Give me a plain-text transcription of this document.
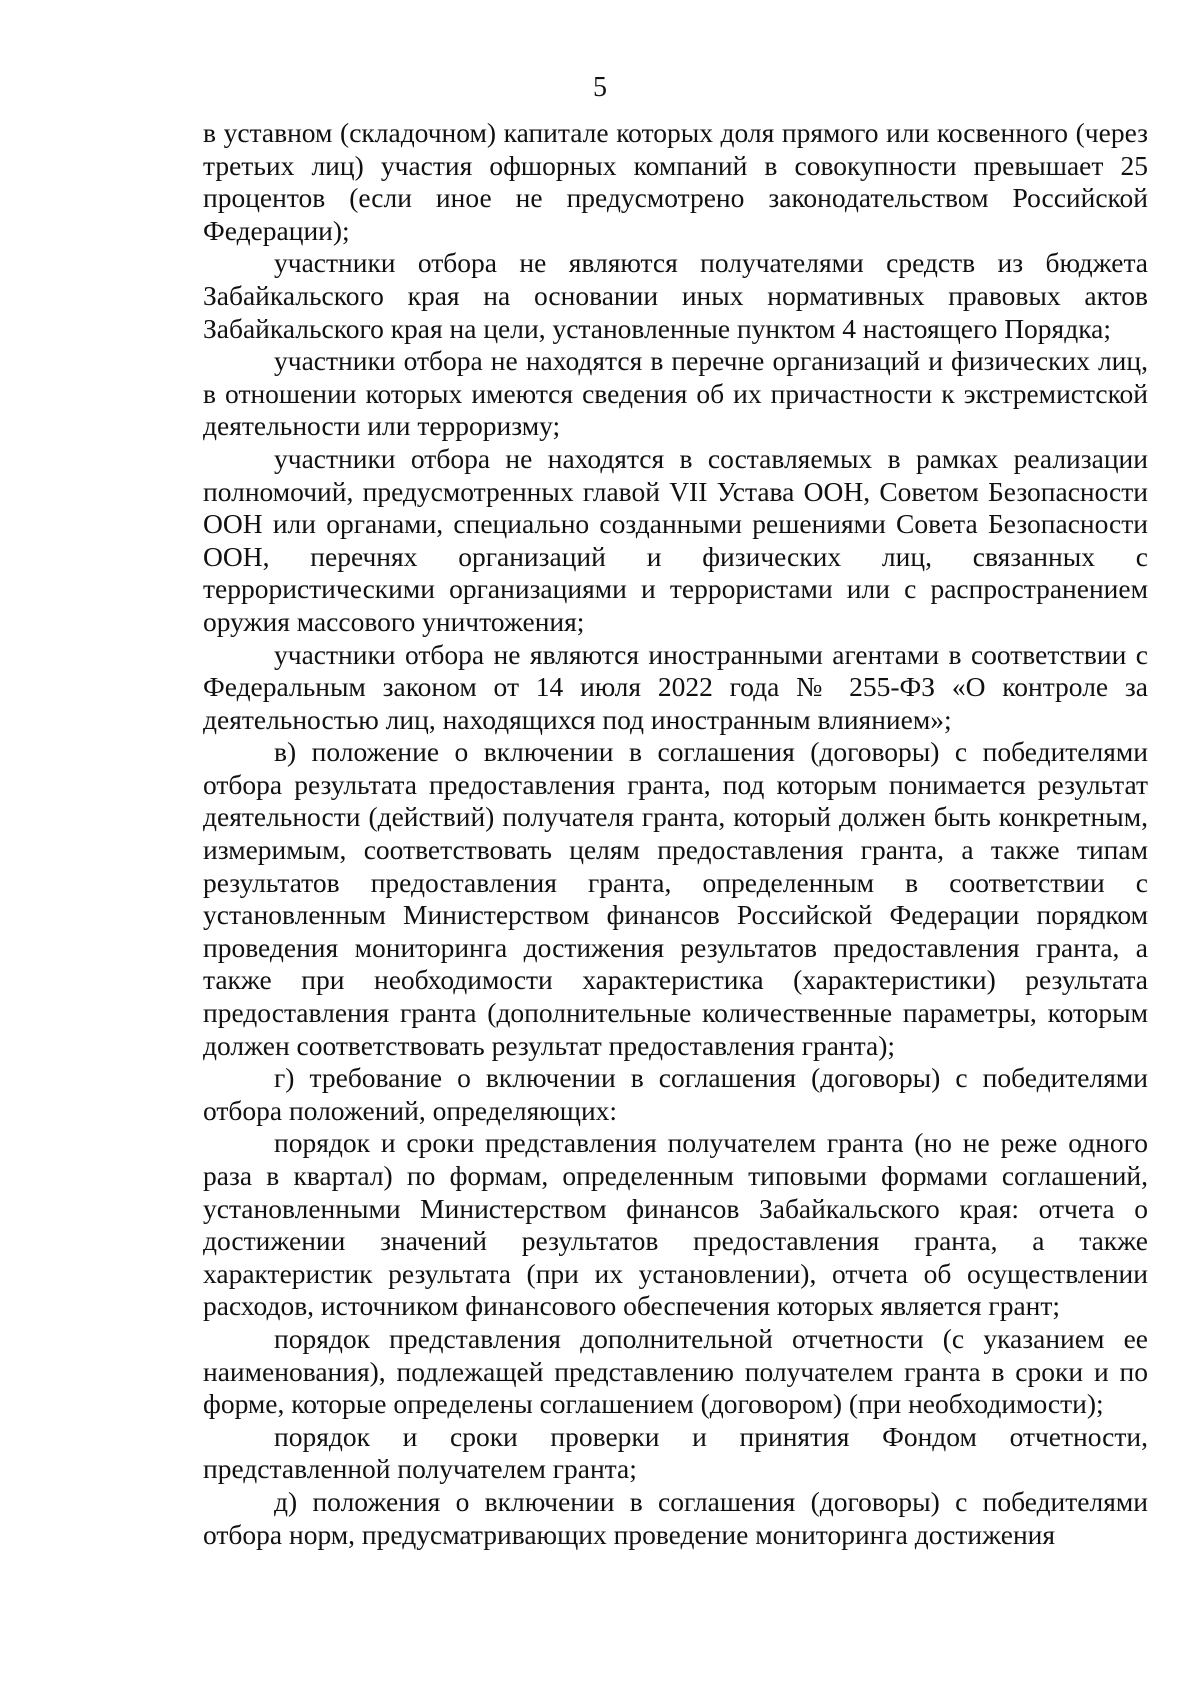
5

в уставном (складочном) капитале которых доля прямого или косвенного (через третьих лиц) участия офшорных компаний в совокупности превышает 25 процентов (если иное не предусмотрено законодательством Российской Федерации);

участники отбора не являются получателями средств из бюджета Забайкальского края на основании иных нормативных правовых актов Забайкальского края на цели, установленные пунктом 4 настоящего Порядка;

участники отбора не находятся в перечне организаций и физических лиц, в отношении которых имеются сведения об их причастности к экстремистской деятельности или терроризму;

участники отбора не находятся в составляемых в рамках реализации полномочий, предусмотренных главой VII Устава ООН, Советом Безопасности ООН или органами, специально созданными решениями Совета Безопасности ООН, перечнях организаций и физических лиц, связанных с террористическими организациями и террористами или с распространением оружия массового уничтожения;

участники отбора не являются иностранными агентами в соответствии с Федеральным законом от 14 июля 2022 года № 255-ФЗ «О контроле за деятельностью лиц, находящихся под иностранным влиянием»;

в) положение о включении в соглашения (договоры) с победителями отбора результата предоставления гранта, под которым понимается результат деятельности (действий) получателя гранта, который должен быть конкретным, измеримым, соответствовать целям предоставления гранта, а также типам результатов предоставления гранта, определенным в соответствии с установленным Министерством финансов Российской Федерации порядком проведения мониторинга достижения результатов предоставления гранта, а также при необходимости характеристика (характеристики) результата предоставления гранта (дополнительные количественные параметры, которым должен соответствовать результат предоставления гранта);

г) требование о включении в соглашения (договоры) с победителями отбора положений, определяющих:

порядок и сроки представления получателем гранта (но не реже одного раза в квартал) по формам, определенным типовыми формами соглашений, установленными Министерством финансов Забайкальского края: отчета о достижении значений результатов предоставления гранта, а также характеристик результата (при их установлении), отчета об осуществлении расходов, источником финансового обеспечения которых является грант;

порядок представления дополнительной отчетности (с указанием ее наименования), подлежащей представлению получателем гранта в сроки и по форме, которые определены соглашением (договором) (при необходимости);

порядок и сроки проверки и принятия Фондом отчетности, представленной получателем гранта;

д) положения о включении в соглашения (договоры) с победителями отбора норм, предусматривающих проведение мониторинга достижения
